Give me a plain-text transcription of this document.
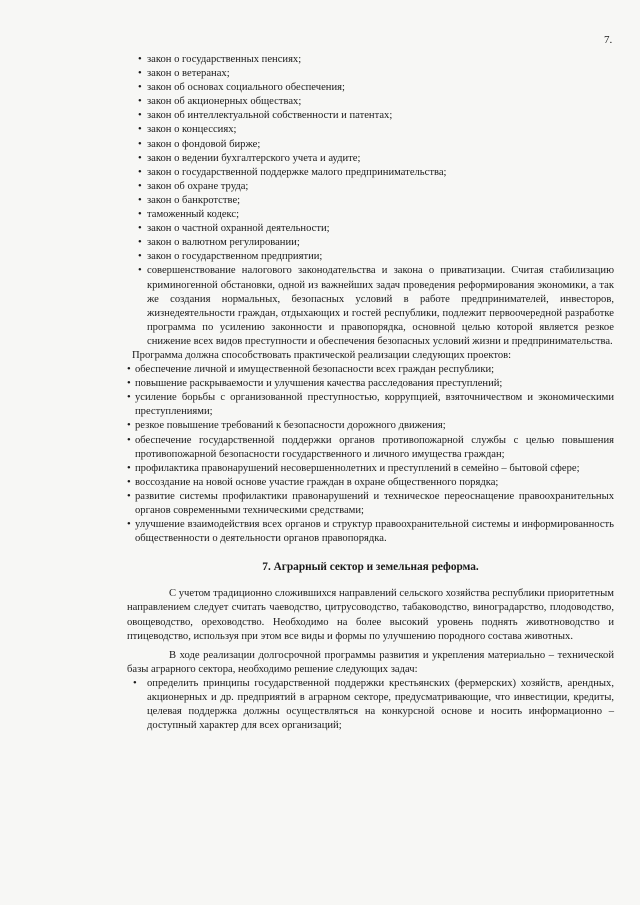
7.
• закон о государственных пенсиях;
• закон о ветеранах;
• закон об основах социального обеспечения;
• закон об акционерных обществах;
• закон об интеллектуальной собственности и патентах;
• закон о концессиях;
• закон о фондовой бирже;
• закон о ведении бухгалтерского учета и аудите;
• закон о государственной поддержке малого предпринимательства;
• закон об охране труда;
• закон о банкротстве;
• таможенный кодекс;
• закон о частной охранной деятельности;
• закон о валютном регулировании;
• закон о государственном предприятии;
• совершенствование налогового законодательства и закона о приватизации. Считая стабилизацию криминогенной обстановки, одной из важнейших задач проведения реформирования экономики, а так же создания нормальных, безопасных условий в работе предпринимателей, инвесторов, жизнедеятельности граждан, отдыхающих и гостей республики, подлежит первоочередной разработке программа по усилению законности и правопорядка, основной целью которой является резкое снижение всех видов преступности и обеспечения безопасных условий жизни и предпринимательства.
Программа должна способствовать практической реализации следующих проектов:
• обеспечение личной и имущественной безопасности всех граждан республики;
• повышение раскрываемости и улучшения качества расследования преступлений;
• усиление борьбы с организованной преступностью, коррупцией, взяточничеством и экономическими преступлениями;
• резкое повышение требований к безопасности дорожного движения;
• обеспечение государственной поддержки органов противопожарной службы с целью повышения противопожарной безопасности государственного и личного имущества граждан;
• профилактика правонарушений несовершеннолетних и преступлений в семейно – бытовой сфере;
• воссоздание на новой основе участие граждан в охране общественного порядка;
• развитие системы профилактики правонарушений и техническое переоснащение правоохранительных органов современными техническими средствами;
• улучшение взаимодействия всех органов и структур правоохранительной системы и информированность общественности о деятельности органов правопорядка.
7. Аграрный сектор и земельная реформа.
С учетом традиционно сложившихся направлений сельского хозяйства республики приоритетным направлением следует считать чаеводство, цитрусоводство, табаководство, виноградарство, плодоводство, овощеводство, ореховодство. Необходимо на более высокий уровень поднять животноводство и птицеводство, используя при этом все виды и формы по улучшению породного состава животных.
В ходе реализации долгосрочной программы развития и укрепления материально – технической базы аграрного сектора, необходимо решение следующих задач:
• определить принципы государственной поддержки крестьянских (фермерских) хозяйств, арендных, акционерных и др. предприятий в аграрном секторе, предусматривающие, что инвестиции, кредиты, целевая поддержка должны осуществляться на конкурсной основе и носить информационно – доступный характер для всех организаций;
